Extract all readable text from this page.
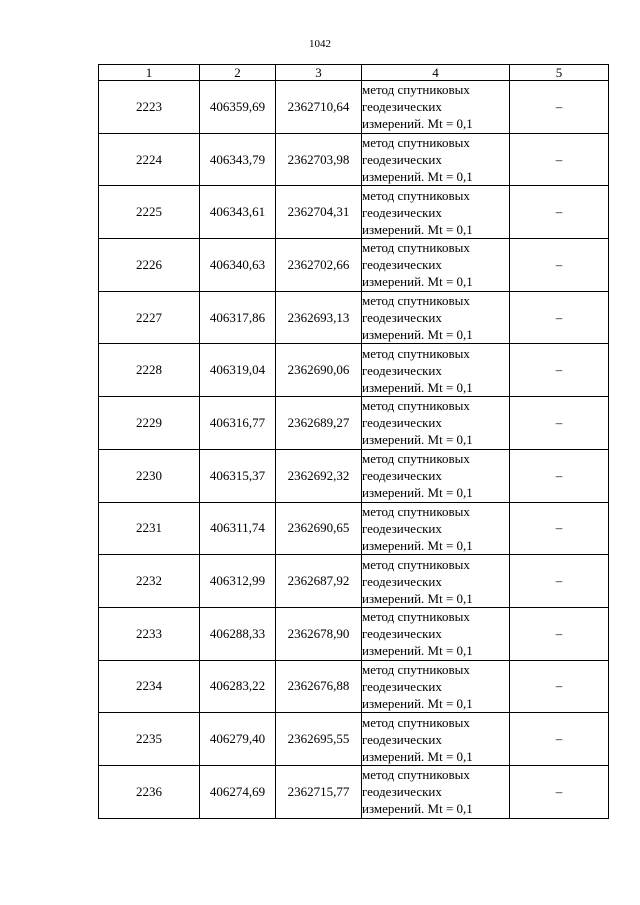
1042
1	2	3	4	5
2223	406359,69	2362710,64	метод спутниковых
геодезических
измерений. Mt = 0,1	–
2224	406343,79	2362703,98	метод спутниковых
геодезических
измерений. Mt = 0,1	–
2225	406343,61	2362704,31	метод спутниковых
геодезических
измерений. Mt = 0,1	–
2226	406340,63	2362702,66	метод спутниковых
геодезических
измерений. Mt = 0,1	–
2227	406317,86	2362693,13	метод спутниковых
геодезических
измерений. Mt = 0,1	–
2228	406319,04	2362690,06	метод спутниковых
геодезических
измерений. Mt = 0,1	–
2229	406316,77	2362689,27	метод спутниковых
геодезических
измерений. Mt = 0,1	–
2230	406315,37	2362692,32	метод спутниковых
геодезических
измерений. Mt = 0,1	–
2231	406311,74	2362690,65	метод спутниковых
геодезических
измерений. Mt = 0,1	–
2232	406312,99	2362687,92	метод спутниковых
геодезических
измерений. Mt = 0,1	–
2233	406288,33	2362678,90	метод спутниковых
геодезических
измерений. Mt = 0,1	–
2234	406283,22	2362676,88	метод спутниковых
геодезических
измерений. Mt = 0,1	–
2235	406279,40	2362695,55	метод спутниковых
геодезических
измерений. Mt = 0,1	–
2236	406274,69	2362715,77	метод спутниковых
геодезических
измерений. Mt = 0,1	–
